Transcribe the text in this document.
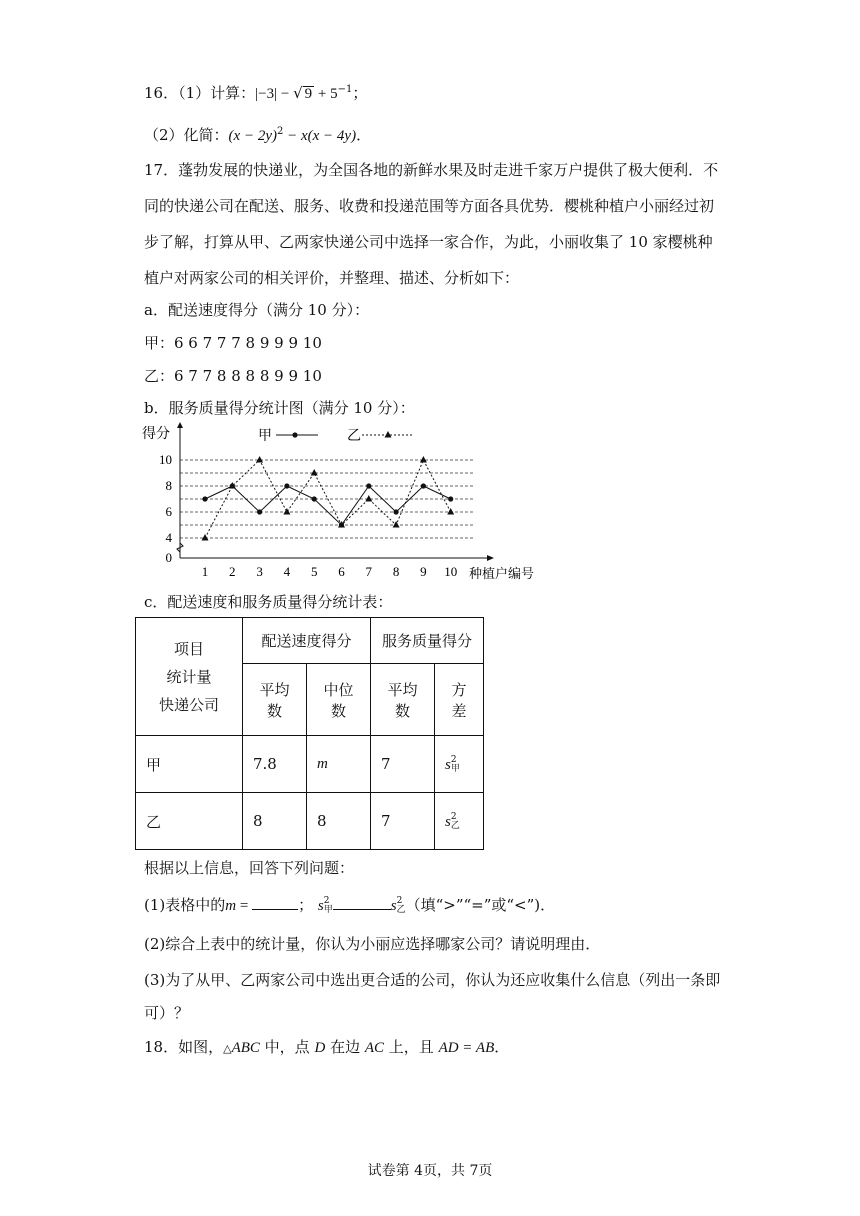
16．（1）计算：|−3| − √ $9 + 5^{-1}$；
（2）化简：$(x - 2y)^2 - x(x - 4y)$．
17．蓬勃发展的快递业，为全国各地的新鲜水果及时走进千家万户提供了极大便利．不
同的快递公司在配送、服务、收费和投递范围等方面各具优势．樱桃种植户小丽经过初
步了解，打算从甲、乙两家快递公司中选择一家合作，为此，小丽收集了 10 家樱桃种
植户对两家公司的相关评价，并整理、描述、分析如下：
a．配送速度得分（满分 10 分）：
甲：6 6 7 7 7 8 9 9 9 10
乙：6 7 7 8 8 8 8 9 9 10
b．服务质量得分统计图（满分 10 分）：
0
4
6
8
10
得分
1 2 3 4 5 6 7 8 9 10 种植户编号
甲	乙
c．配送速度和服务质量得分统计表：
项目
统计量
快递公司	配送速度得分		服务质量得分	
	平均数	中位数	平均数	方差
甲	7.8	m	7	s 2
甲

乙	8	8	7	s 2
乙
根据以上信息，回答下列问题：
(1)表格中的m =	； s 2
甲	s 2
乙 （填“>”“=”或“<”)．
(2)综合上表中的统计量，你认为小丽应选择哪家公司？请说明理由．
(3)为了从甲、乙两家公司中选出更合适的公司，你认为还应收集什么信息（列出一条即
可）？
18．如图，△ABC 中，点 D 在边 AC 上，且 AD = AB．
试卷第 4页，共 7页
